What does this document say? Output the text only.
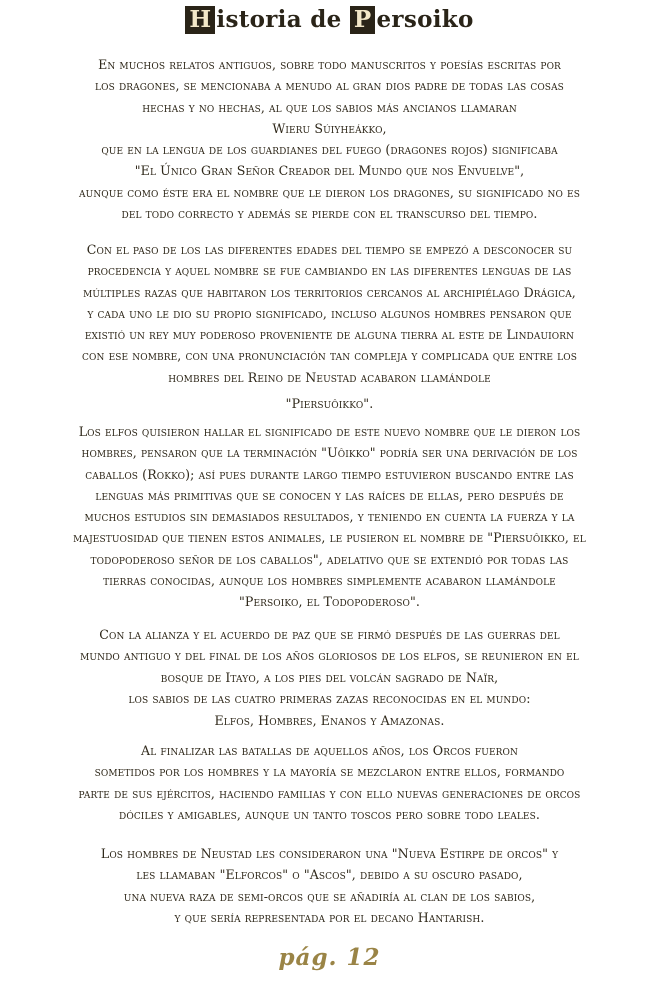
H istoria de P ersoiko
En muchos relatos antiguos, sobre todo manuscritos y poesías escritas por
los dragones, se mencionaba a menudo al gran dios padre de todas las cosas
hechas y no hechas, al que los sabios más ancianos llamaran
Wieru Súiyheákko,
que en la lengua de los guardianes del fuego (dragones rojos) significaba
"El Único Gran Señor Creador del Mundo que nos Envuelve",
aunque como éste era el nombre que le dieron los dragones, su significado no es
del todo correcto y además se pierde con el transcurso del tiempo.
Con el paso de los las diferentes edades del tiempo se empezó a desconocer su
procedencia y aquel nombre se fue cambiando en las diferentes lenguas de las
múltiples razas que habitaron los territorios cercanos al archipiélago Drágica,
y cada uno le dio su propio significado, incluso algunos hombres pensaron que
existió un rey muy poderoso proveniente de alguna tierra al este de Lindauiorn
con ese nombre, con una pronunciación tan compleja y complicada que entre los
hombres del Reino de Neustad acabaron llamándole
"Piersuôikko".
Los elfos quisieron hallar el significado de este nuevo nombre que le dieron los
hombres, pensaron que la terminación "Uôikko" podría ser una derivación de los
caballos (Rokko); así pues durante largo tiempo estuvieron buscando entre las
lenguas más primitivas que se conocen y las raíces de ellas, pero después de
muchos estudios sin demasiados resultados, y teniendo en cuenta la fuerza y la
majestuosidad que tienen estos animales, le pusieron el nombre de "Piersuôikko, el
todopoderoso señor de los caballos", adelativo que se extendió por todas las
tierras conocidas, aunque los hombres simplemente acabaron llamándole
"Persoiko, el Todopoderoso".
Con la alianza y el acuerdo de paz que se firmó después de las guerras del
mundo antiguo y del final de los años gloriosos de los elfos, se reunieron en el
bosque de Itayo, a los pies del volcán sagrado de Naïr,
los sabios de las cuatro primeras zazas reconocidas en el mundo:
Elfos, Hombres, Enanos y Amazonas.
Al finalizar las batallas de aquellos años, los Orcos fueron
sometidos por los hombres y la mayoría se mezclaron entre ellos, formando
parte de sus ejércitos, haciendo familias y con ello nuevas generaciones de orcos
dóciles y amigables, aunque un tanto toscos pero sobre todo leales.
Los hombres de Neustad les consideraron una "Nueva Estirpe de orcos" y
les llamaban "Elforcos" o "Ascos", debido a su oscuro pasado,
una nueva raza de semi-orcos que se añadiría al clan de los sabios,
y que sería representada por el decano Hantarish.
pág. 12
